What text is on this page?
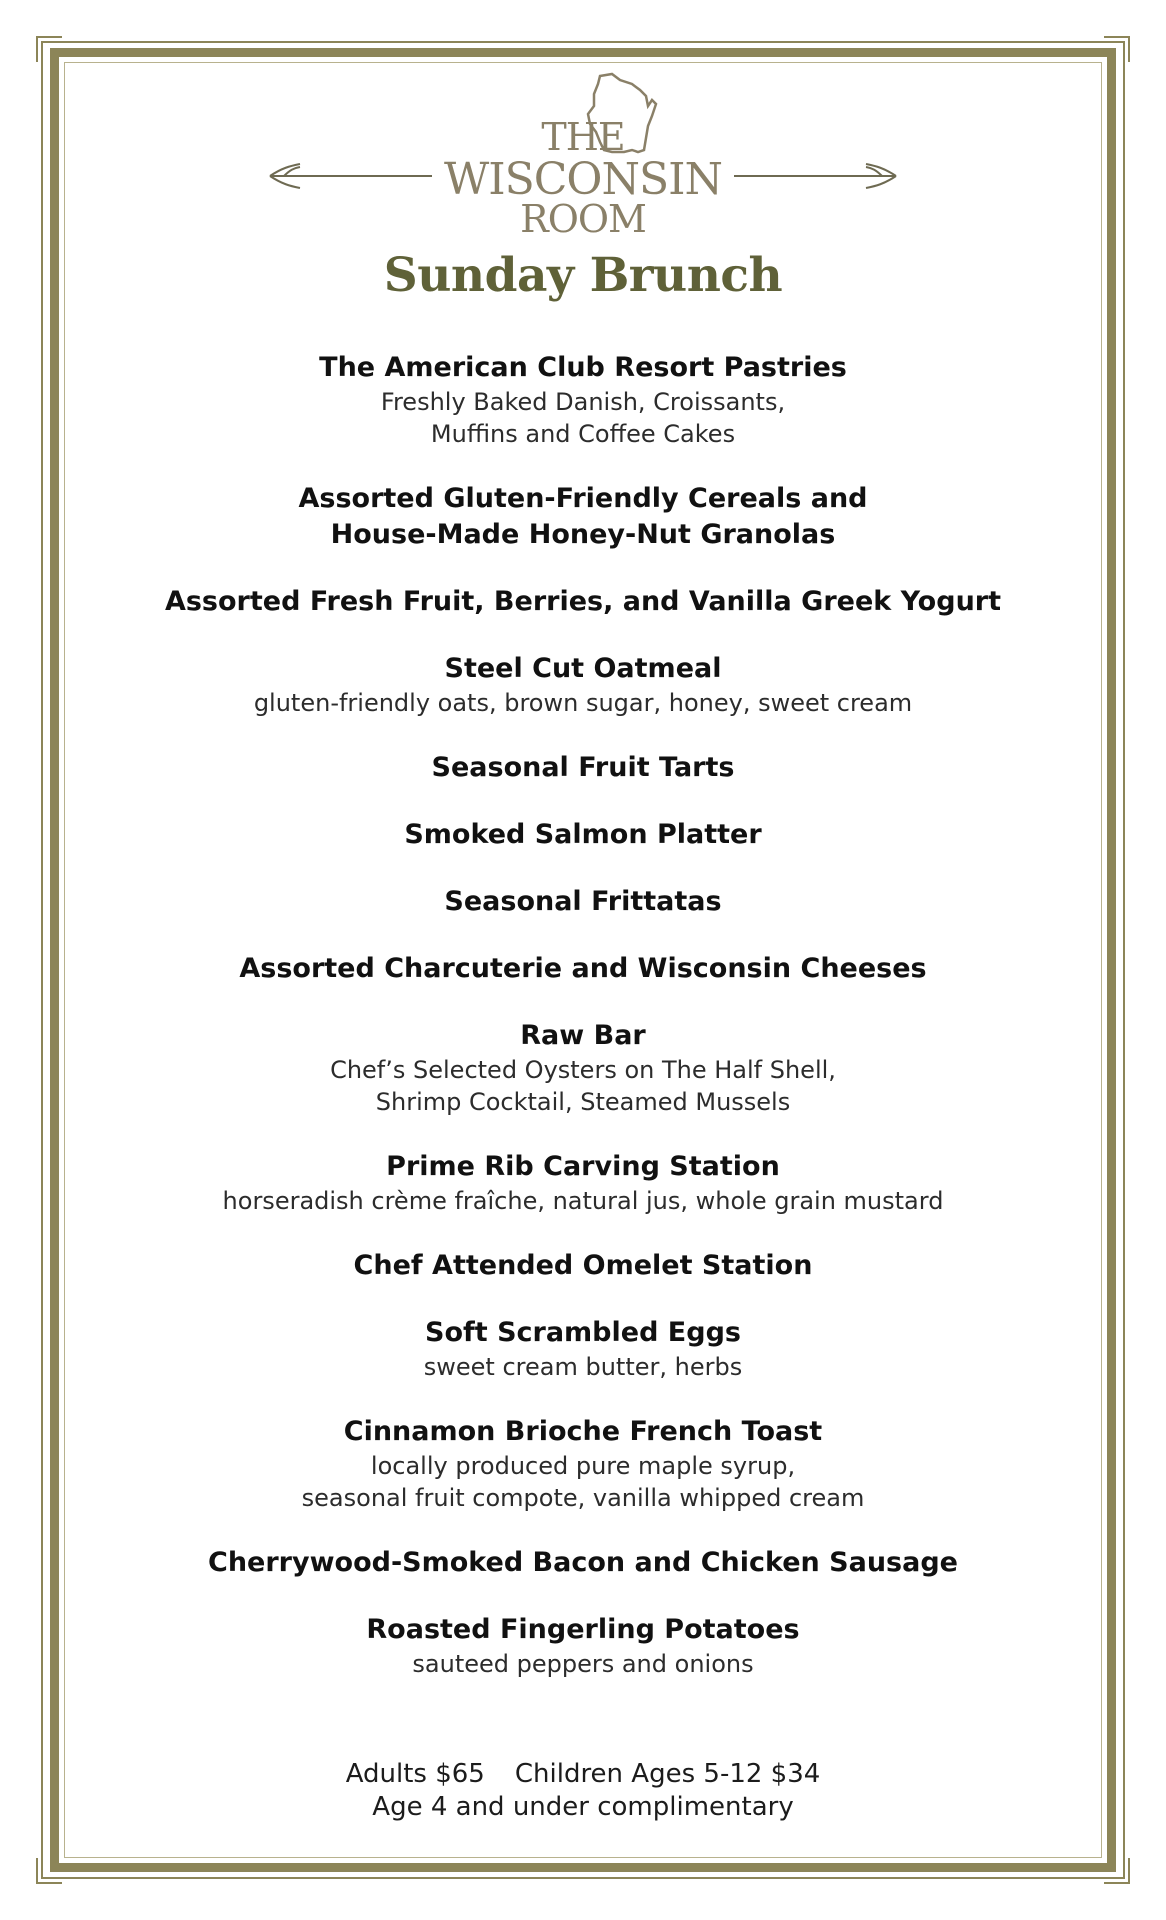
THE
WISCONSIN
ROOM
Sunday Brunch
The American Club Resort Pastries
Freshly Baked Danish, Croissants,
Muffins and Coffee Cakes
Assorted Gluten-Friendly Cereals and
House-Made Honey-Nut Granolas
Assorted Fresh Fruit, Berries, and Vanilla Greek Yogurt
Steel Cut Oatmeal
gluten-friendly oats, brown sugar, honey, sweet cream
Seasonal Fruit Tarts
Smoked Salmon Platter
Seasonal Frittatas
Assorted Charcuterie and Wisconsin Cheeses
Raw Bar
Chef’s Selected Oysters on The Half Shell,
Shrimp Cocktail, Steamed Mussels
Prime Rib Carving Station
horseradish crème fraîche, natural jus, whole grain mustard
Chef Attended Omelet Station
Soft Scrambled Eggs
sweet cream butter, herbs
Cinnamon Brioche French Toast
locally produced pure maple syrup,
seasonal fruit compote, vanilla whipped cream
Cherrywood-Smoked Bacon and Chicken Sausage
Roasted Fingerling Potatoes
sauteed peppers and onions
Adults $65 Children Ages 5-12 $34
Age 4 and under complimentary
